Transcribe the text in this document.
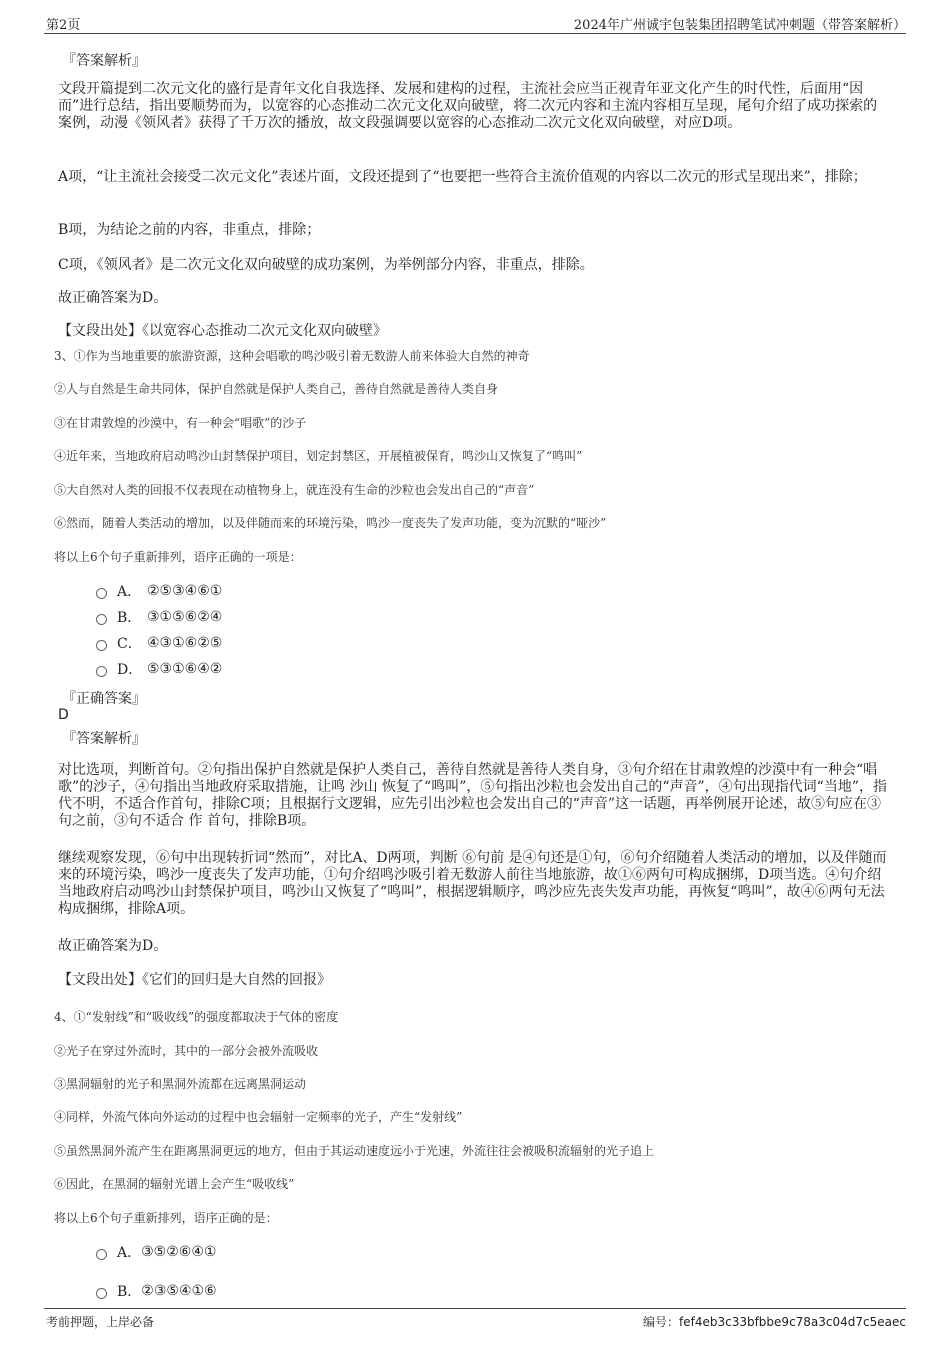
第2页	2024年广州诚宇包装集团招聘笔试冲刺题（带答案解析）
『答案解析』
文段开篇提到二次元文化的盛行是青年文化自我选择、发展和建构的过程，主流社会应当正视青年亚文化产生的时代性，后面用“因而”进行总结，指出要顺势而为，以宽容的心态推动二次元文化双向破壁，将二次元内容和主流内容相互呈现，尾句介绍了成功探索的案例，动漫《领风者》获得了千万次的播放，故文段强调要以宽容的心态推动二次元文化双向破壁，对应D项。
A项，“让主流社会接受二次元文化”表述片面，文段还提到了“也要把一些符合主流价值观的内容以二次元的形式呈现出来”，排除；
B项，为结论之前的内容，非重点，排除；
C项，《领风者》是二次元文化双向破壁的成功案例，为举例部分内容，非重点，排除。
故正确答案为D。
【文段出处】《以宽容心态推动二次元文化双向破壁》
3、①作为当地重要的旅游资源，这种会唱歌的鸣沙吸引着无数游人前来体验大自然的神奇
②人与自然是生命共同体，保护自然就是保护人类自己，善待自然就是善待人类自身
③在甘肃敦煌的沙漠中，有一种会“唱歌”的沙子
④近年来，当地政府启动鸣沙山封禁保护项目，划定封禁区，开展植被保育，鸣沙山又恢复了“鸣叫”
⑤大自然对人类的回报不仅表现在动植物身上，就连没有生命的沙粒也会发出自己的“声音”
⑥然而，随着人类活动的增加，以及伴随而来的环境污染，鸣沙一度丧失了发声功能，变为沉默的“哑沙”
将以上6个句子重新排列，语序正确的一项是：
A． ②⑤③④⑥①
B． ③①⑤⑥②④
C． ④③①⑥②⑤
D． ⑤③①⑥④②
『正确答案』
D
『答案解析』
对比选项，判断首句。②句指出保护自然就是保护人类自己，善待自然就是善待人类自身，③句介绍在甘肃敦煌的沙漠中有一种会“唱歌”的沙子，④句指出当地政府采取措施，让鸣 沙山 恢复了“鸣叫”，⑤句指出沙粒也会发出自己的“声音”，④句出现指代词“当地”，指代不明，不适合作首句，排除C项；且根据行文逻辑，应先引出沙粒也会发出自己的“声音”这一话题，再举例展开论述，故⑤句应在③句之前，③句不适合 作 首句，排除B项。
继续观察发现，⑥句中出现转折词“然而”，对比A、D两项，判断 ⑥句前 是④句还是①句，⑥句介绍随着人类活动的增加，以及伴随而来的环境污染，鸣沙一度丧失了发声功能，①句介绍鸣沙吸引着无数游人前往当地旅游，故①⑥两句可构成捆绑，D项当选。④句介绍当地政府启动鸣沙山封禁保护项目，鸣沙山又恢复了“鸣叫”，根据逻辑顺序，鸣沙应先丧失发声功能，再恢复“鸣叫”，故④⑥两句无法构成捆绑，排除A项。
故正确答案为D。
【文段出处】《它们的回归是大自然的回报》
4、①“发射线”和“吸收线”的强度都取决于气体的密度
②光子在穿过外流时，其中的一部分会被外流吸收
③黑洞辐射的光子和黑洞外流都在远离黑洞运动
④同样，外流气体向外运动的过程中也会辐射一定频率的光子，产生“发射线”
⑤虽然黑洞外流产生在距离黑洞更远的地方，但由于其运动速度远小于光速，外流往往会被吸积流辐射的光子追上
⑥因此，在黑洞的辐射光谱上会产生“吸收线”
将以上6个句子重新排列，语序正确的是：
A． ③⑤②⑥④①
B． ②③⑤④①⑥
考前押题，上岸必备	编号：fef4eb3c33bfbbe9c78a3c04d7c5eaec
